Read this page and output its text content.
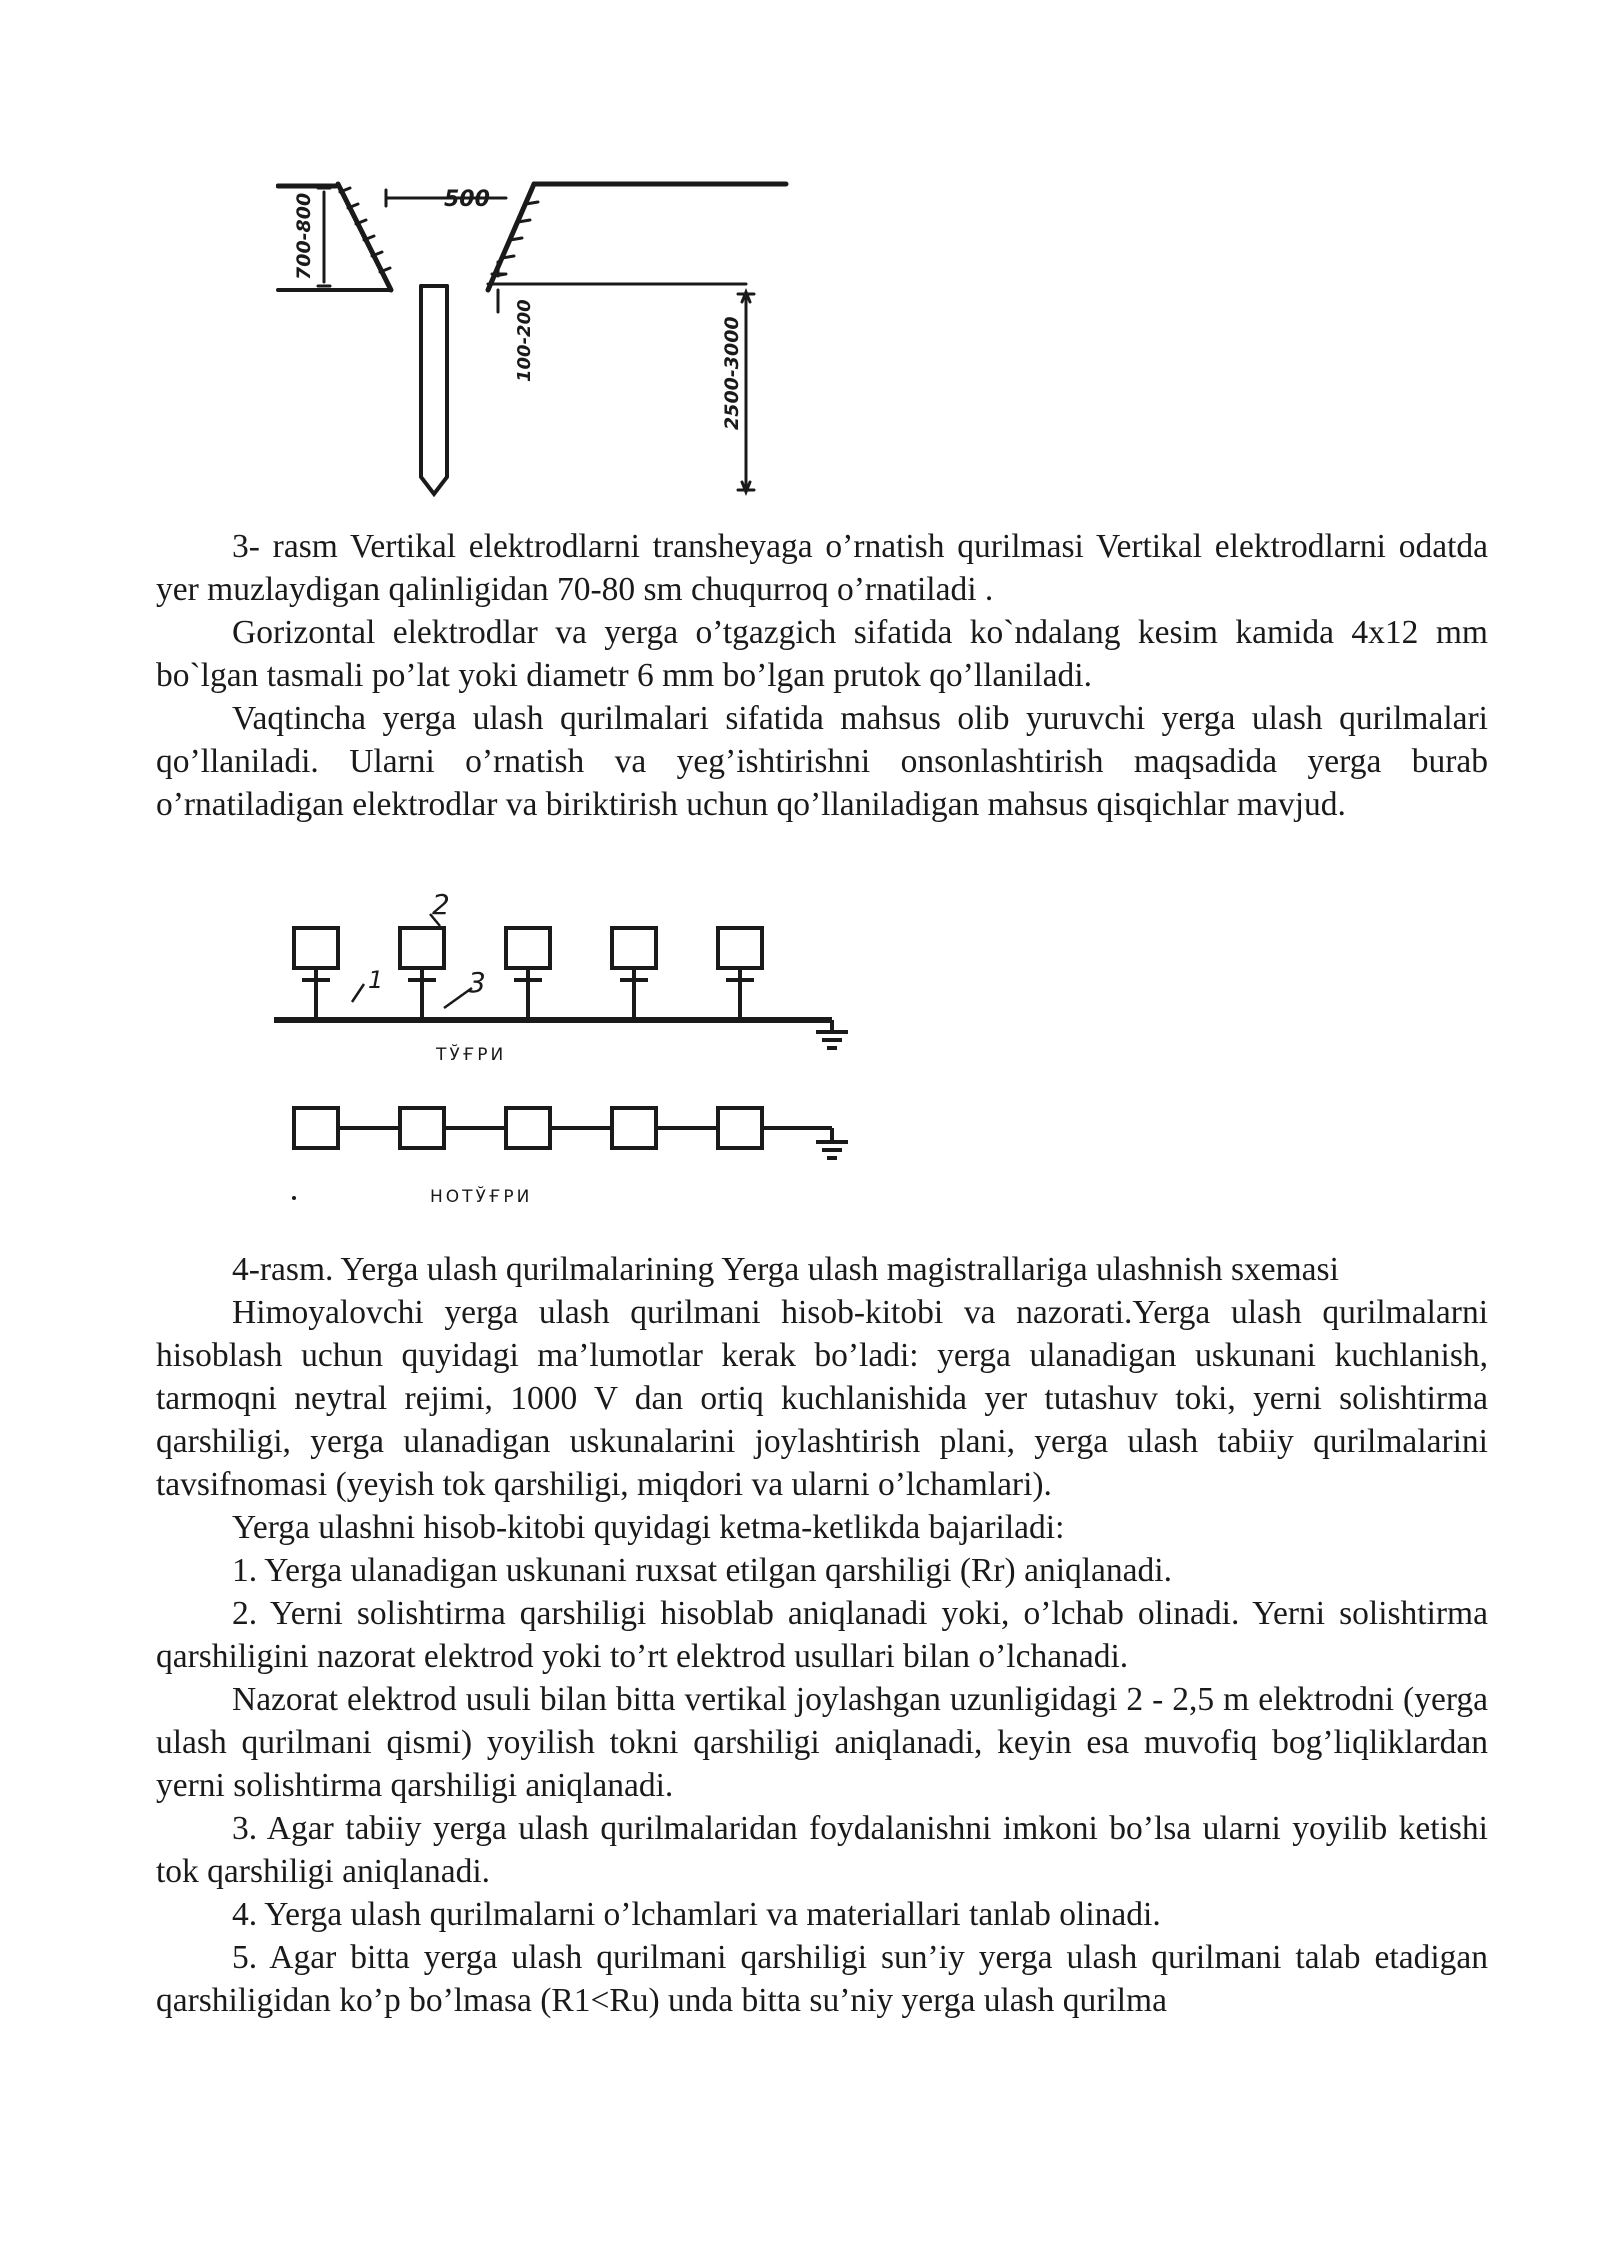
500
700-800
100-200	2500-3000

3- rasm Vertikal elektrodlarni transheyaga o’rnatish qurilmasi Vertikal elektrodlarni odatda yer muzlaydigan qalinligidan 70-80 sm chuqurroq o’rnatiladi .

Gorizontal elektrodlar va yerga o’tgazgich sifatida ko`ndalang kesim kamida 4x12 mm bo`lgan tasmali po’lat yoki diametr 6 mm bo’lgan prutok qo’llaniladi.

Vaqtincha yerga ulash qurilmalari sifatida mahsus olib yuruvchi yerga ulash qurilmalari qo’llaniladi. Ularni o’rnatish va yeg’ishtirishni onsonlashtirish maqsadida yerga burab o’rnatiladigan elektrodlar va biriktirish uchun qo’llaniladigan mahsus qisqichlar mavjud.

1
2
3
ТЎҒРИ
НОТЎҒРИ

4-rasm. Yerga ulash qurilmalarining Yerga ulash magistrallariga ulashnish sxemasi

Himoyalovchi yerga ulash qurilmani hisob-kitobi va nazorati.Yerga ulash qurilmalarni hisoblash uchun quyidagi ma’lumotlar kerak bo’ladi: yerga ulanadigan uskunani kuchlanish, tarmoqni neytral rejimi, 1000 V dan ortiq kuchlanishida yer tutashuv toki, yerni solishtirma qarshiligi, yerga ulanadigan uskunalarini joylashtirish plani, yerga ulash tabiiy qurilmalarini tavsifnomasi (yeyish tok qarshiligi, miqdori va ularni o’lchamlari).

Yerga ulashni hisob-kitobi quyidagi ketma-ketlikda bajariladi:

1. Yerga ulanadigan uskunani ruxsat etilgan qarshiligi (Rr) aniqlanadi.

2. Yerni solishtirma qarshiligi hisoblab aniqlanadi yoki, o’lchab olinadi. Yerni solishtirma qarshiligini nazorat elektrod yoki to’rt elektrod usullari bilan o’lchanadi.

Nazorat elektrod usuli bilan bitta vertikal joylashgan uzunligidagi 2 - 2,5 m elektrodni (yerga ulash qurilmani qismi) yoyilish tokni qarshiligi aniqlanadi, keyin esa muvofiq bog’liqliklardan yerni solishtirma qarshiligi aniqlanadi.

3. Agar tabiiy yerga ulash qurilmalaridan foydalanishni imkoni bo’lsa ularni yoyilib ketishi tok qarshiligi aniqlanadi.

4. Yerga ulash qurilmalarni o’lchamlari va materiallari tanlab olinadi.

5. Agar bitta yerga ulash qurilmani qarshiligi sun’iy yerga ulash qurilmani talab etadigan qarshiligidan ko’p bo’lmasa (R1<Ru) unda bitta su’niy yerga ulash qurilma
